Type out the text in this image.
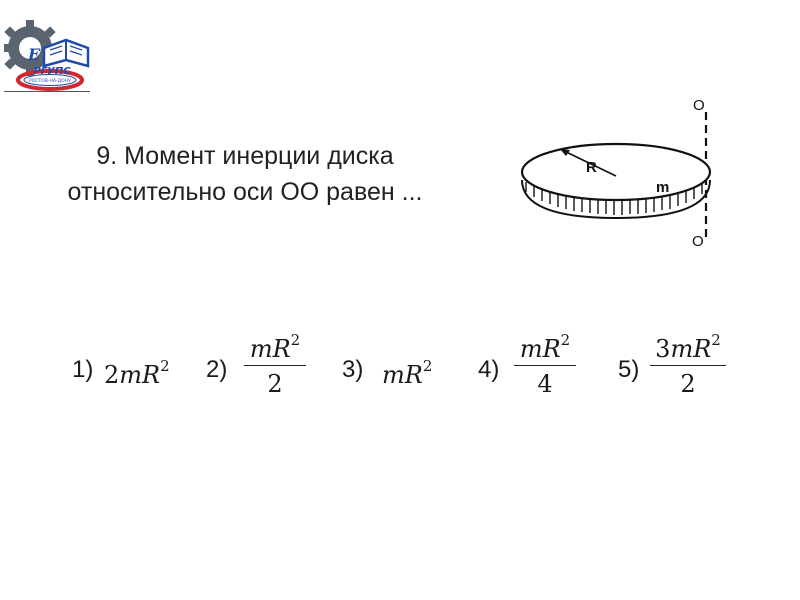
Е
РОСТОВ-НА-ДОНУ
РГУПС
9. Момент инерции диска
относительно оси ОО равен ...
O
O
R
m
1) $2mR^2$ $2) \frac{mR^2}{2} 3$) $mR^2$ $4) \frac{mR^2}{4} 5) \frac{3mR^2}{2}$
